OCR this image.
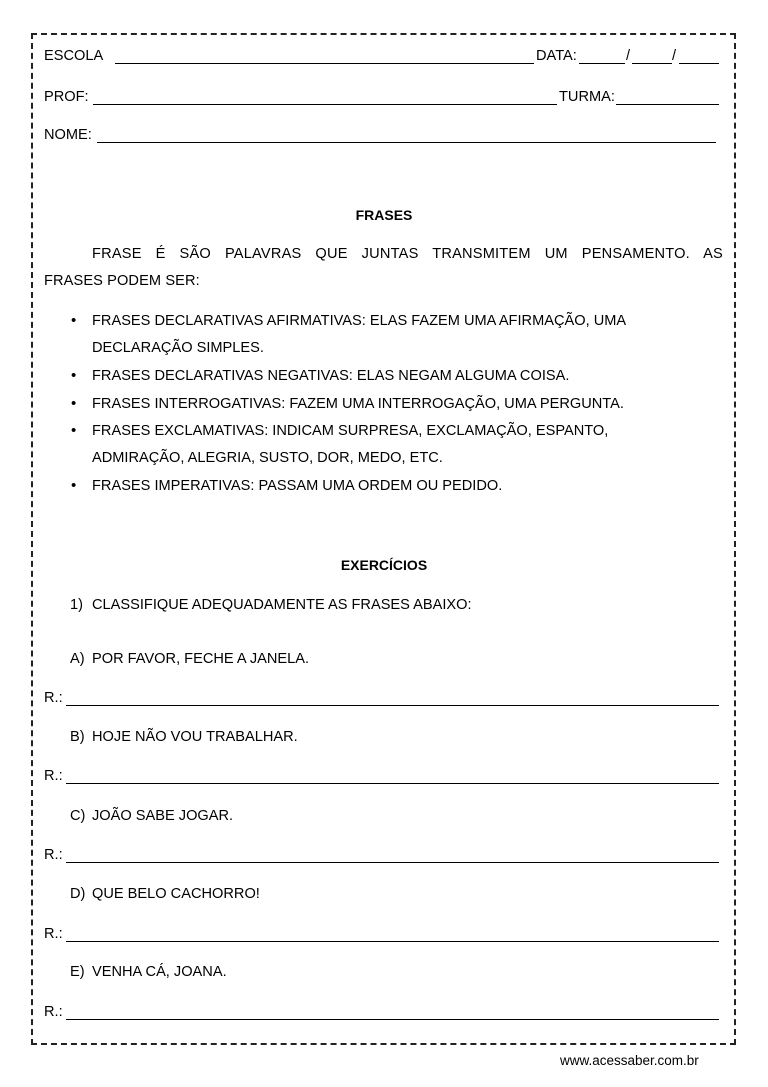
ESCOLA	DATA:	/	/
PROF:	TURMA:
NOME:
FRASES
FRASE É SÃO PALAVRAS QUE JUNTAS TRANSMITEM UM PENSAMENTO. AS
FRASES PODEM SER:
• FRASES DECLARATIVAS AFIRMATIVAS: ELAS FAZEM UMA AFIRMAÇÃO, UMA
DECLARAÇÃO SIMPLES.
• FRASES DECLARATIVAS NEGATIVAS: ELAS NEGAM ALGUMA COISA.
• FRASES INTERROGATIVAS: FAZEM UMA INTERROGAÇÃO, UMA PERGUNTA.
• FRASES EXCLAMATIVAS: INDICAM SURPRESA, EXCLAMAÇÃO, ESPANTO,
ADMIRAÇÃO, ALEGRIA, SUSTO, DOR, MEDO, ETC.
• FRASES IMPERATIVAS: PASSAM UMA ORDEM OU PEDIDO.
EXERCÍCIOS
1) CLASSIFIQUE ADEQUADAMENTE AS FRASES ABAIXO:
A) POR FAVOR, FECHE A JANELA.
R.:
B) HOJE NÃO VOU TRABALHAR.
R.:
C) JOÃO SABE JOGAR.
R.:
D) QUE BELO CACHORRO!
R.:
E) VENHA CÁ, JOANA.
R.:
www.acessaber.com.br
